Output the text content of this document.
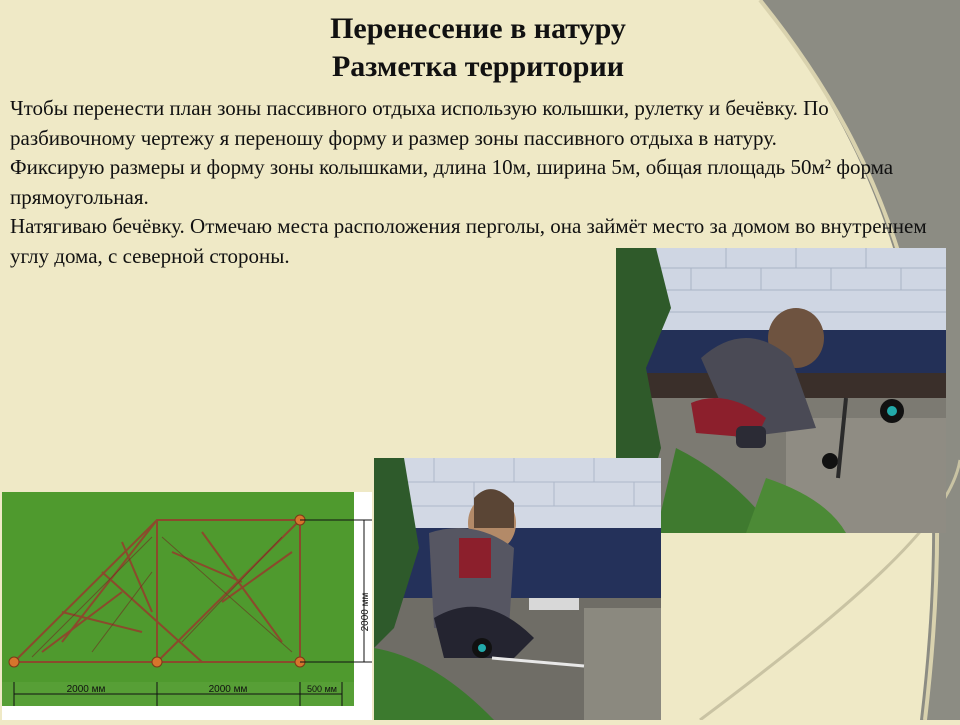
Перенесение в натуру
Разметка территории

Чтобы перенести план зоны пассивного отдыха использую колышки, рулетку и бечёвку. По разбивочному чертежу я переношу форму и размер зоны пассивного отдыха в натуру.

Фиксирую размеры и форму зоны колышками, длина 10м, ширина 5м, общая площадь 50м² форма прямоугольная.

Натягиваю бечёвку. Отмечаю места расположения перголы, она займёт место за домом во внутреннем углу дома, с северной стороны.

2000 мм
2000 мм	2000 мм	500 мм
